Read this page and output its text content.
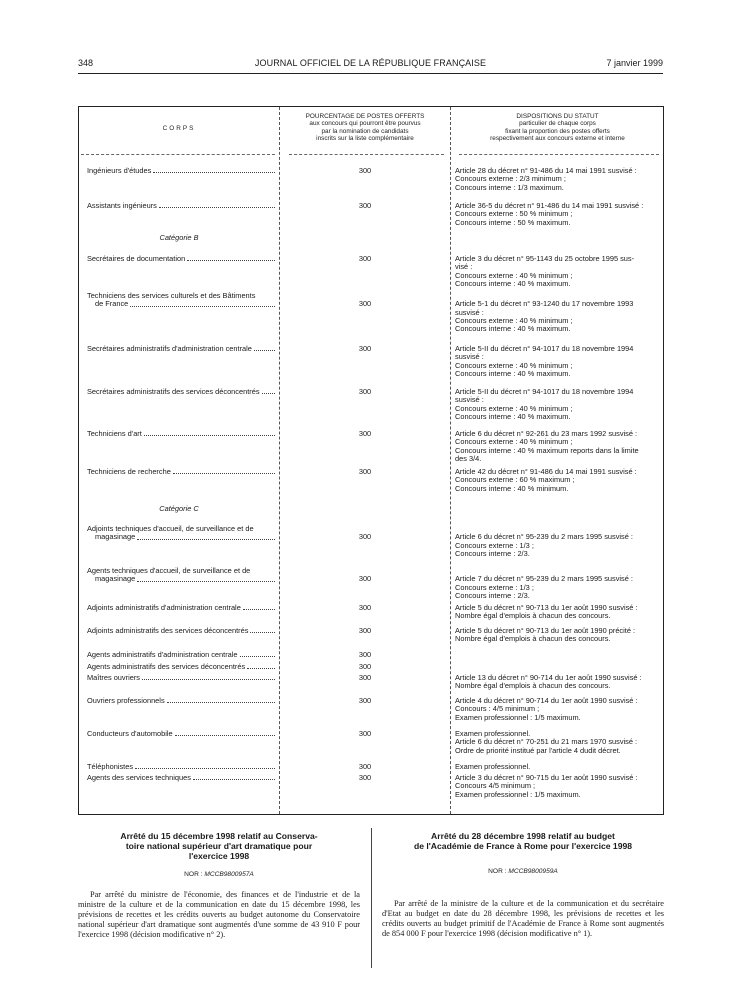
348	JOURNAL OFFICIEL DE LA RÉPUBLIQUE FRANÇAISE	7 janvier 1999
CORPS
POURCENTAGE DE POSTES OFFERTS
aux concours qui pourront être pourvus
par la nomination de candidats
inscrits sur la liste complémentaire
DISPOSITIONS DU STATUT
particulier de chaque corps
fixant la proportion des postes offerts
respectivement aux concours externe et interne
Catégorie B
Catégorie C
Ingénieurs d'études	300	Article 28 du décret n° 91-486 du 14 mai 1991 susvisé :
Concours externe : 2/3 minimum ;
Concours interne : 1/3 maximum.
Assistants ingénieurs	300	Article 36-5 du décret n° 91-486 du 14 mai 1991 susvisé :
Concours externe : 50 % minimum ;
Concours interne : 50 % maximum.
Secrétaires de documentation	300	Article 3 du décret n° 95-1143 du 25 octobre 1995 sus-
visé :
Concours externe : 40 % minimum ;
Concours interne : 40 % maximum.
Techniciens des services culturels et des Bâtiments
de France	300	Article 5-1 du décret n° 93-1240 du 17 novembre 1993
susvisé :
Concours externe : 40 % minimum ;
Concours interne : 40 % maximum.
Secrétaires administratifs d'administration centrale	300	Article 5-II du décret n° 94-1017 du 18 novembre 1994
susvisé :
Concours externe : 40 % minimum ;
Concours interne : 40 % maximum.
Secrétaires administratifs des services déconcentrés	300	Article 5-II du décret n° 94-1017 du 18 novembre 1994
susvisé :
Concours externe : 40 % minimum ;
Concours interne : 40 % maximum.
Techniciens d'art	300	Article 6 du décret n° 92-261 du 23 mars 1992 susvisé :
Concours externe : 40 % minimum ;
Concours interne : 40 % maximum reports dans la limite
des 3/4.
Techniciens de recherche	300	Article 42 du décret n° 91-486 du 14 mai 1991 susvisé :
Concours externe : 60 % maximum ;
Concours interne : 40 % minimum.
Adjoints techniques d'accueil, de surveillance et de
magasinage	300	Article 6 du décret n° 95-239 du 2 mars 1995 susvisé :
Concours externe : 1/3 ;
Concours interne : 2/3.
Agents techniques d'accueil, de surveillance et de
magasinage	300	Article 7 du décret n° 95-239 du 2 mars 1995 susvisé :
Concours externe : 1/3 ;
Concours interne : 2/3.
Adjoints administratifs d'administration centrale	300	Article 5 du décret n° 90-713 du 1er août 1990 susvisé :
Nombre égal d'emplois à chacun des concours.
Adjoints administratifs des services déconcentrés	300	Article 5 du décret n° 90-713 du 1er août 1990 précité :
Nombre égal d'emplois à chacun des concours.
Agents administratifs d'administration centrale	300
Agents administratifs des services déconcentrés	300
Maîtres ouvriers	300	Article 13 du décret n° 90-714 du 1er août 1990 susvisé :
Nombre égal d'emplois à chacun des concours.
Ouvriers professionnels	300	Article 4 du décret n° 90-714 du 1er août 1990 susvisé :
Concours : 4/5 minimum ;
Examen professionnel : 1/5 maximum.
Conducteurs d'automobile	300	Examen professionnel.
Article 6 du décret n° 70-251 du 21 mars 1970 susvisé :
Ordre de priorité institué par l'article 4 dudit décret.
Téléphonistes	300	Examen professionnel.
Agents des services techniques	300	Article 3 du décret n° 90-715 du 1er août 1990 susvisé :
Concours 4/5 minimum ;
Examen professionnel : 1/5 maximum.
Arrêté du 15 décembre 1998 relatif au Conserva-
toire national supérieur d'art dramatique pour
l'exercice 1998
NOR : MCCB9800957A
Par arrêté du ministre de l'économie, des finances et de l'industrie et de la ministre de la culture et de la communication en date du 15 décembre 1998, les prévisions de recettes et les crédits ouverts au budget autonome du Conservatoire national supérieur d'art dramatique sont augmentés d'une somme de 43 910 F pour l'exercice 1998 (décision modificative n° 2).
Arrêté du 28 décembre 1998 relatif au budget
de l'Académie de France à Rome pour l'exercice 1998
NOR : MCCB9800959A
Par arrêté de la ministre de la culture et de la communication et du secrétaire d'Etat au budget en date du 28 décembre 1998, les prévisions de recettes et les crédits ouverts au budget primitif de l'Académie de France à Rome sont augmentés de 854 000 F pour l'exercice 1998 (décision modificative n° 1).
